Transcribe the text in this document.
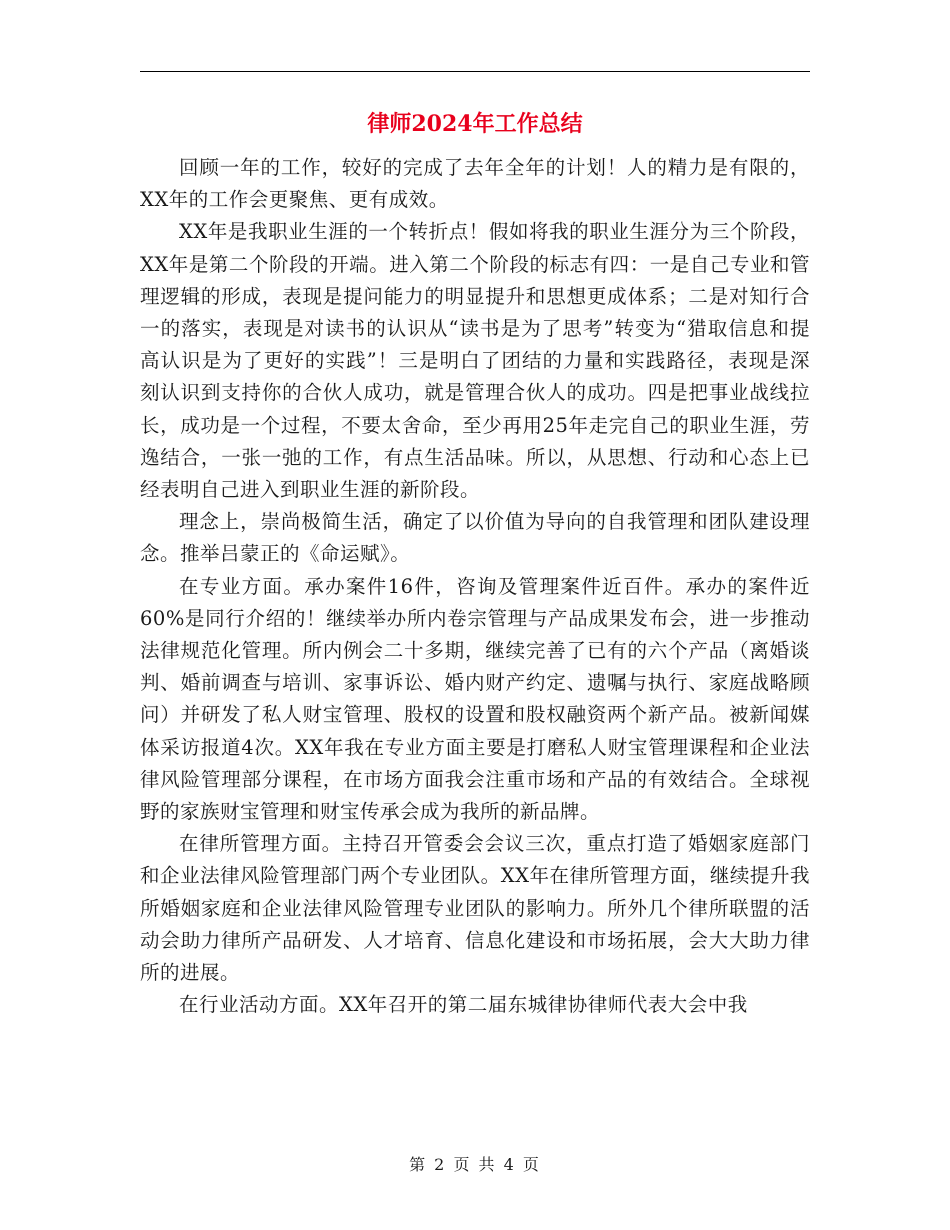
律师2024年工作总结

回顾一年的工作，较好的完成了去年全年的计划！人的精力是有限的，XX年的工作会更聚焦、更有成效。

XX年是我职业生涯的一个转折点！假如将我的职业生涯分为三个阶段，XX年是第二个阶段的开端。进入第二个阶段的标志有四：一是自己专业和管理逻辑的形成，表现是提问能力的明显提升和思想更成体系；二是对知行合一的落实，表现是对读书的认识从“读书是为了思考”转变为“猎取信息和提高认识是为了更好的实践”！三是明白了团结的力量和实践路径，表现是深刻认识到支持你的合伙人成功，就是管理合伙人的成功。四是把事业战线拉长，成功是一个过程，不要太舍命，至少再用25年走完自己的职业生涯，劳逸结合，一张一弛的工作，有点生活品味。所以，从思想、行动和心态上已经表明自己进入到职业生涯的新阶段。

理念上，崇尚极简生活，确定了以价值为导向的自我管理和团队建设理念。推举吕蒙正的《命运赋》。

在专业方面。承办案件16件，咨询及管理案件近百件。承办的案件近60%是同行介绍的！继续举办所内卷宗管理与产品成果发布会，进一步推动法律规范化管理。所内例会二十多期，继续完善了已有的六个产品（离婚谈判、婚前调查与培训、家事诉讼、婚内财产约定、遗嘱与执行、家庭战略顾问）并研发了私人财宝管理、股权的设置和股权融资两个新产品。被新闻媒体采访报道4次。XX年我在专业方面主要是打磨私人财宝管理课程和企业法律风险管理部分课程，在市场方面我会注重市场和产品的有效结合。全球视野的家族财宝管理和财宝传承会成为我所的新品牌。

在律所管理方面。主持召开管委会会议三次，重点打造了婚姻家庭部门和企业法律风险管理部门两个专业团队。XX年在律所管理方面，继续提升我所婚姻家庭和企业法律风险管理专业团队的影响力。所外几个律所联盟的活动会助力律所产品研发、人才培育、信息化建设和市场拓展，会大大助力律所的进展。

在行业活动方面。XX年召开的第二届东城律协律师代表大会中我

第 2 页 共 4 页
